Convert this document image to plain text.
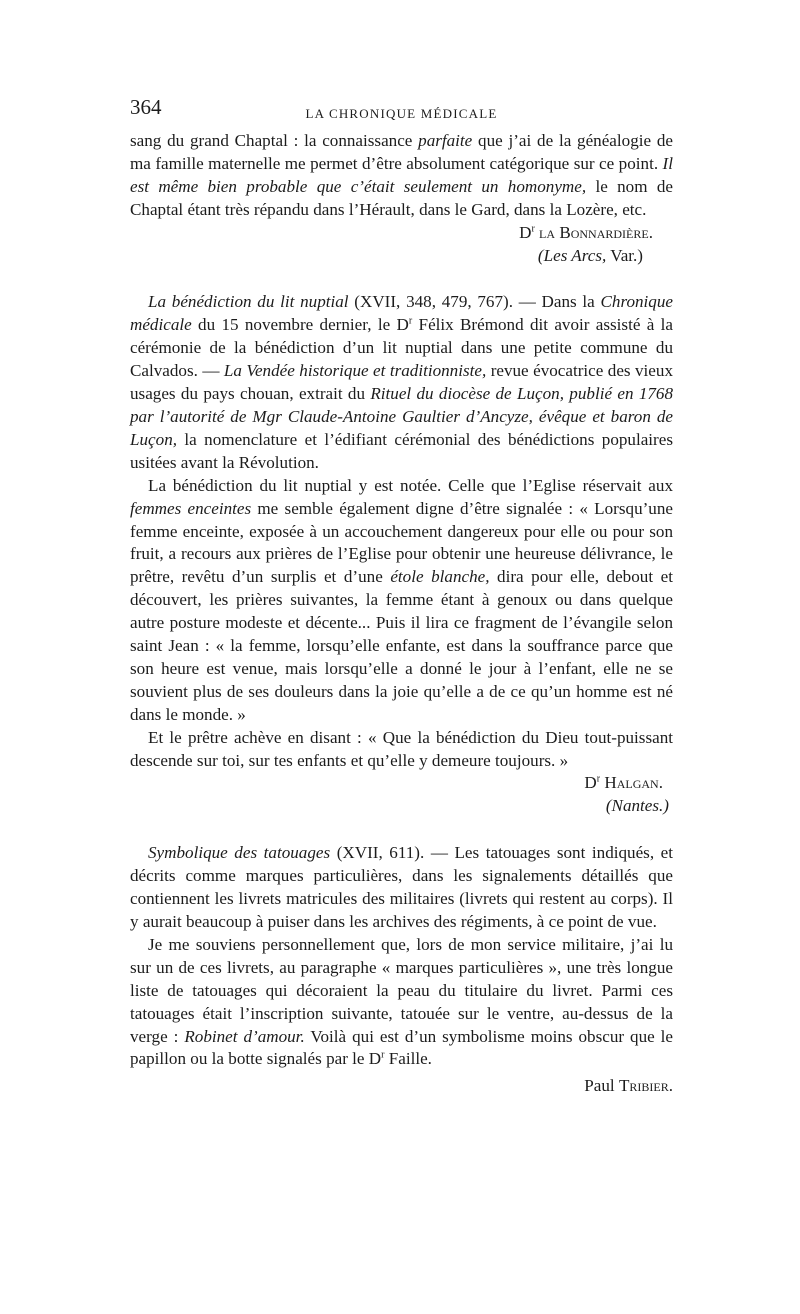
364	LA CHRONIQUE MÉDICALE

sang du grand Chaptal : la connaissance parfaite que j’ai de la généalogie de ma famille maternelle me permet d’être absolument catégorique sur ce point. Il est même bien probable que c’était seulement un homonyme, le nom de Chaptal étant très répandu dans l’Hérault, dans le Gard, dans la Lozère, etc.

$D^r$ la Bonnardière.

(Les Arcs, Var.)

La bénédiction du lit nuptial (XVII, 348, 479, 767). — Dans la Chronique médicale du 15 novembre dernier, le $D^r$ Félix Brémond dit avoir assisté à la cérémonie de la bénédiction d’un lit nuptial dans une petite commune du Calvados. — La Vendée historique et traditionniste, revue évocatrice des vieux usages du pays chouan, extrait du Rituel du diocèse de Luçon, publié en 1768 par l’autorité de Mgr Claude-Antoine Gaultier d’Ancyze, évêque et baron de Luçon, la nomenclature et l’édifiant cérémonial des bénédictions populaires usitées avant la Révolution.

La bénédiction du lit nuptial y est notée. Celle que l’Eglise réservait aux femmes enceintes me semble également digne d’être signalée : « Lorsqu’une femme enceinte, exposée à un accouchement dangereux pour elle ou pour son fruit, a recours aux prières de l’Eglise pour obtenir une heureuse délivrance, le prêtre, revêtu d’un surplis et d’une étole blanche, dira pour elle, debout et découvert, les prières suivantes, la femme étant à genoux ou dans quelque autre posture modeste et décente... Puis il lira ce fragment de l’évangile selon saint Jean : « la femme, lorsqu’elle enfante, est dans la souffrance parce que son heure est venue, mais lorsqu’elle a donné le jour à l’enfant, elle ne se souvient plus de ses douleurs dans la joie qu’elle a de ce qu’un homme est né dans le monde. »

Et le prêtre achève en disant : « Que la bénédiction du Dieu tout-puissant descende sur toi, sur tes enfants et qu’elle y demeure toujours. »

$D^r$ Halgan.

(Nantes.)

Symbolique des tatouages (XVII, 611). — Les tatouages sont indiqués, et décrits comme marques particulières, dans les signalements détaillés que contiennent les livrets matricules des militaires (livrets qui restent au corps). Il y aurait beaucoup à puiser dans les archives des régiments, à ce point de vue.

Je me souviens personnellement que, lors de mon service militaire, j’ai lu sur un de ces livrets, au paragraphe « marques particulières », une très longue liste de tatouages qui décoraient la peau du titulaire du livret. Parmi ces tatouages était l’inscription suivante, tatouée sur le ventre, au-dessus de la verge : Robinet d’amour. Voilà qui est d’un symbolisme moins obscur que le papillon ou la botte signalés par le $D^r$ Faille.

Paul Tribier.
